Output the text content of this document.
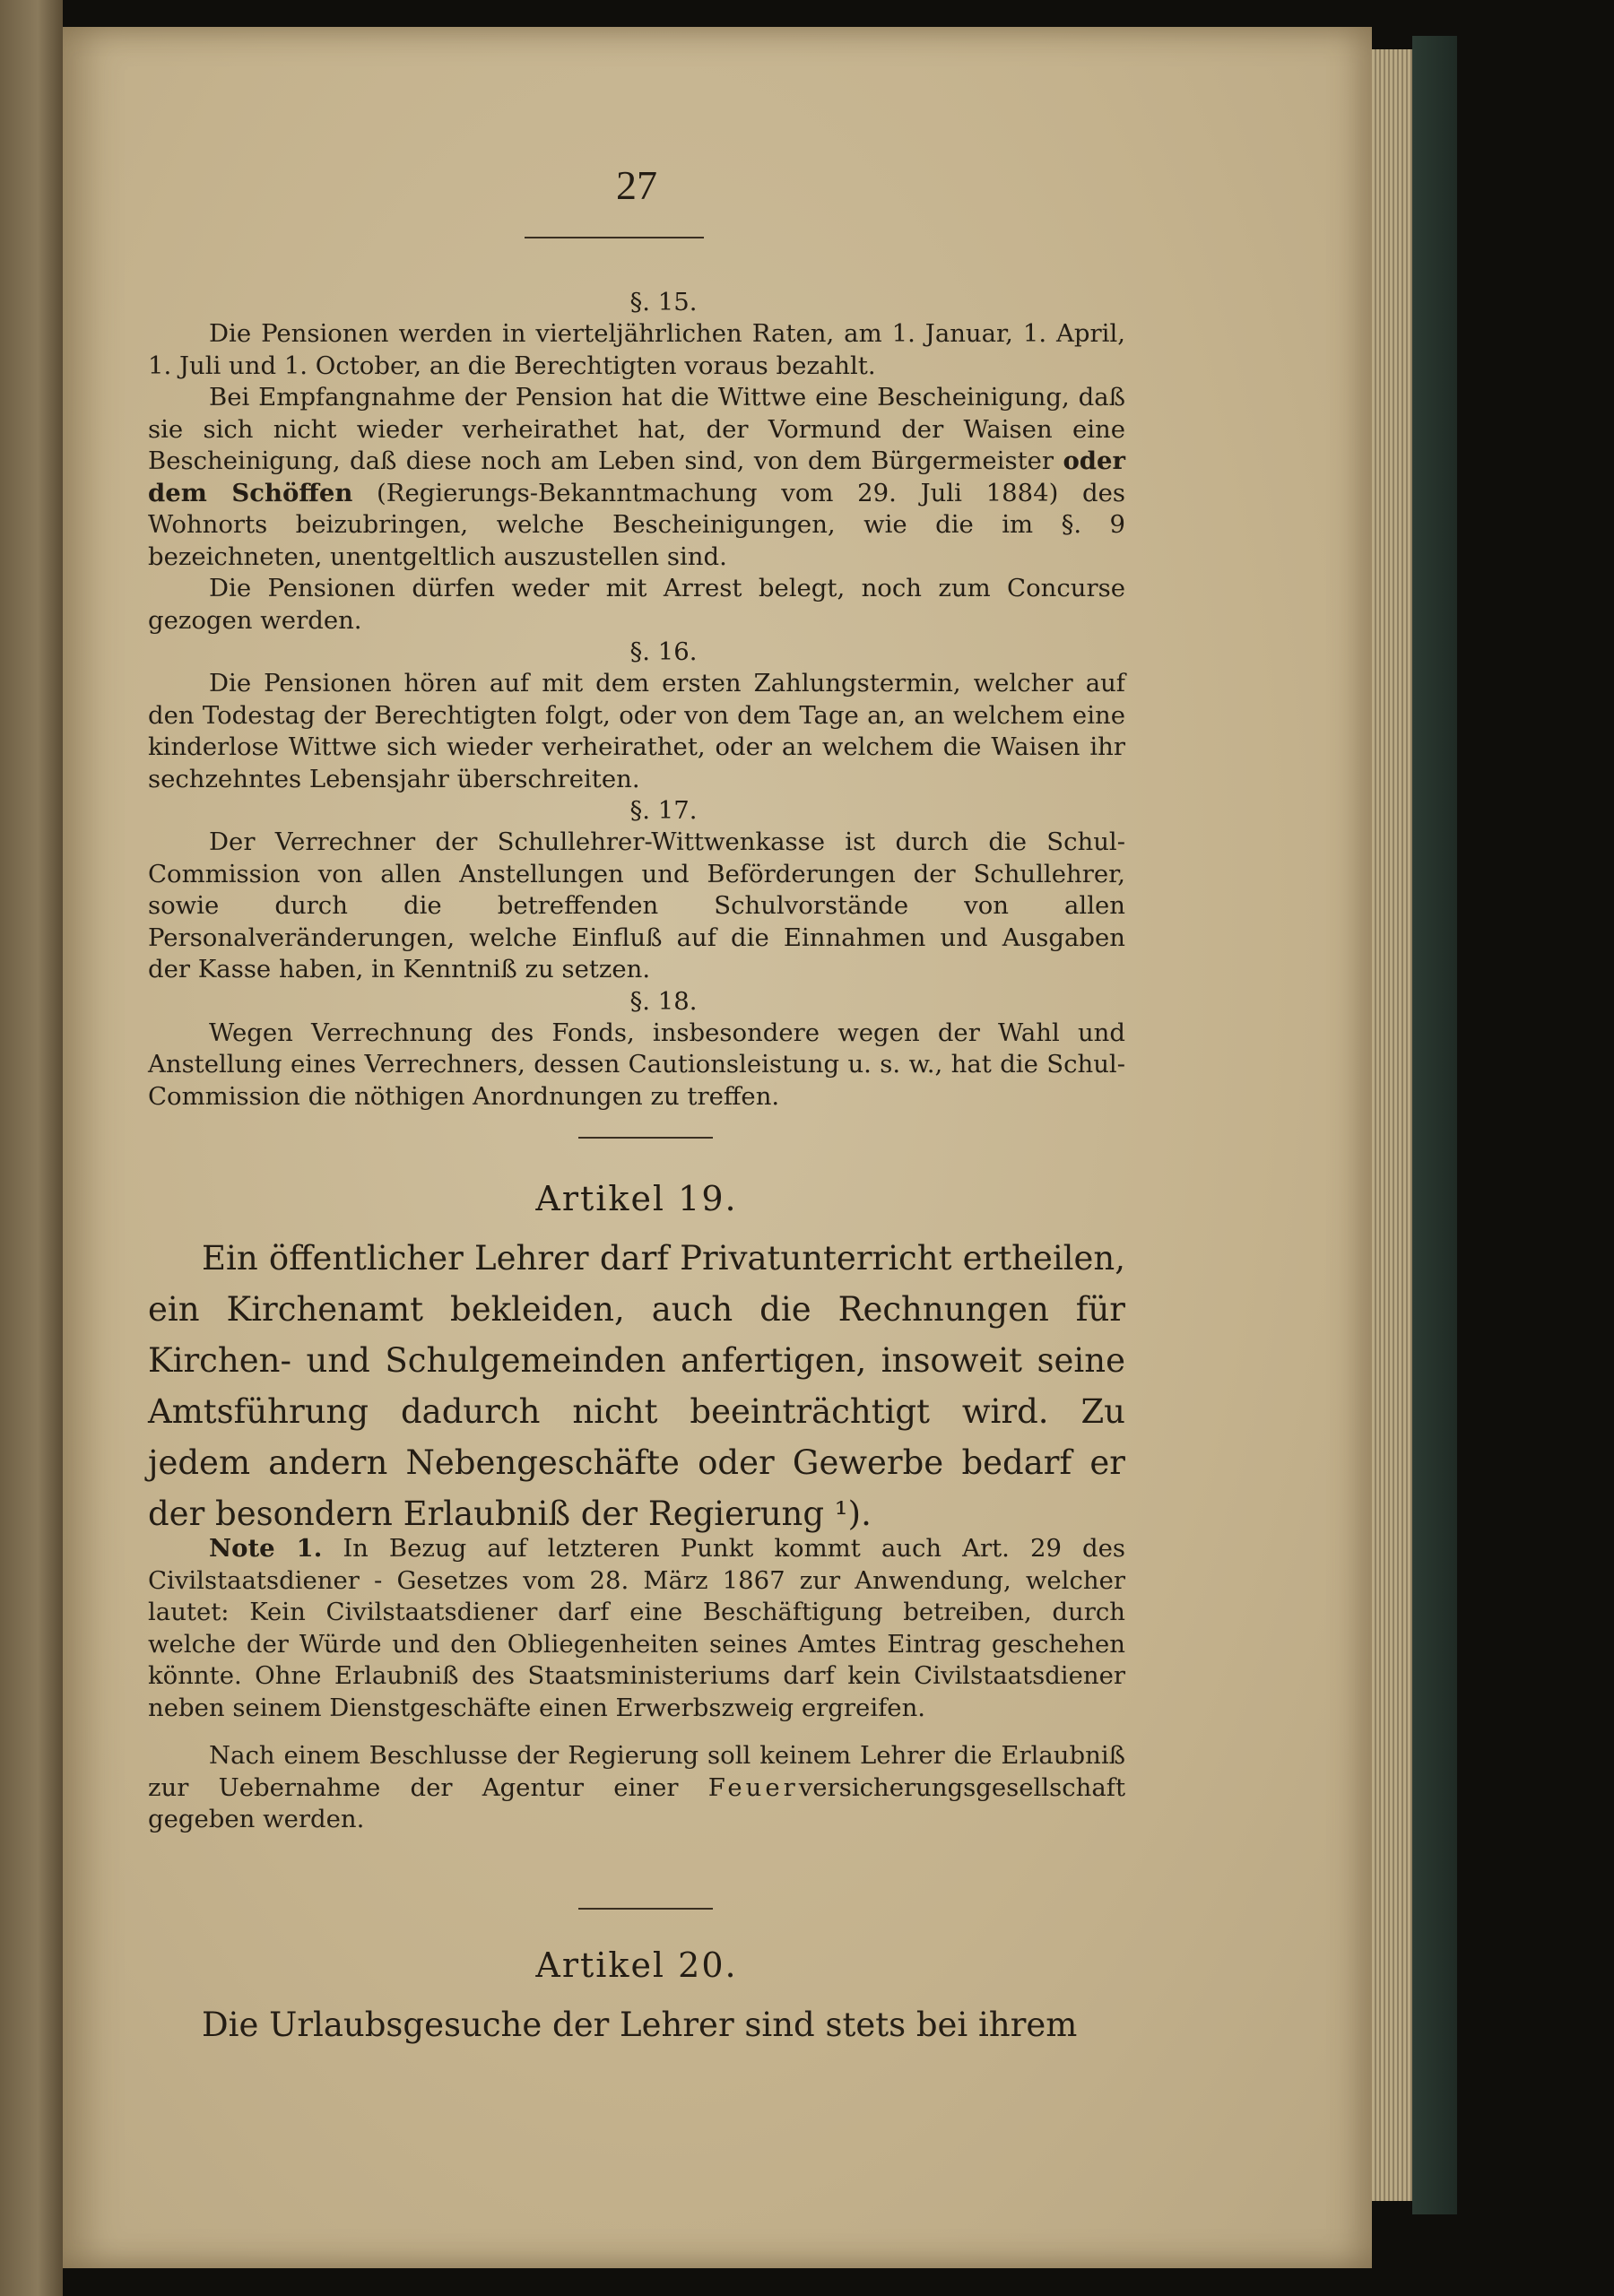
27
§. 15.

Die Pensionen werden in vierteljährlichen Raten, am 1. Januar, 1. April, 1. Juli und 1. October, an die Berechtigten voraus bezahlt.

Bei Empfangnahme der Pension hat die Wittwe eine Bescheinigung, daß sie sich nicht wieder verheirathet hat, der Vormund der Waisen eine Bescheinigung, daß diese noch am Leben sind, von dem Bürgermeister oder dem Schöffen (Regierungs-Bekanntmachung vom 29. Juli 1884) des Wohnorts beizubringen, welche Bescheinigungen, wie die im §. 9 bezeichneten, unentgeltlich auszustellen sind.

Die Pensionen dürfen weder mit Arrest belegt, noch zum Concurse gezogen werden.

§. 16.

Die Pensionen hören auf mit dem ersten Zahlungstermin, welcher auf den Todestag der Berechtigten folgt, oder von dem Tage an, an welchem eine kinderlose Wittwe sich wieder verheirathet, oder an welchem die Waisen ihr sechzehntes Lebensjahr überschreiten.

§. 17.

Der Verrechner der Schullehrer-Wittwenkasse ist durch die Schul-Commission von allen Anstellungen und Beförderungen der Schullehrer, sowie durch die betreffenden Schulvorstände von allen Personalveränderungen, welche Einfluß auf die Einnahmen und Ausgaben der Kasse haben, in Kenntniß zu setzen.

§. 18.

Wegen Verrechnung des Fonds, insbesondere wegen der Wahl und Anstellung eines Verrechners, dessen Cautionsleistung u. s. w., hat die Schul-Commission die nöthigen Anordnungen zu treffen.

Artikel 19.

Ein öffentlicher Lehrer darf Privatunterricht ertheilen, ein Kirchenamt bekleiden, auch die Rechnungen für Kirchen- und Schulgemeinden anfertigen, insoweit seine Amtsführung dadurch nicht beeinträchtigt wird. Zu jedem andern Nebengeschäfte oder Gewerbe bedarf er der besondern Erlaubniß der Regierung ¹).

Note 1. In Bezug auf letzteren Punkt kommt auch Art. 29 des Civilstaatsdiener - Gesetzes vom 28. März 1867 zur Anwendung, welcher lautet: Kein Civilstaatsdiener darf eine Beschäftigung betreiben, durch welche der Würde und den Obliegenheiten seines Amtes Eintrag geschehen könnte. Ohne Erlaubniß des Staatsministeriums darf kein Civilstaatsdiener neben seinem Dienstgeschäfte einen Erwerbszweig ergreifen.

Nach einem Beschlusse der Regierung soll keinem Lehrer die Erlaubniß zur Uebernahme der Agentur einer Feuerversicherungsgesellschaft gegeben werden.

Artikel 20.

Die Urlaubsgesuche der Lehrer sind stets bei ihrem
